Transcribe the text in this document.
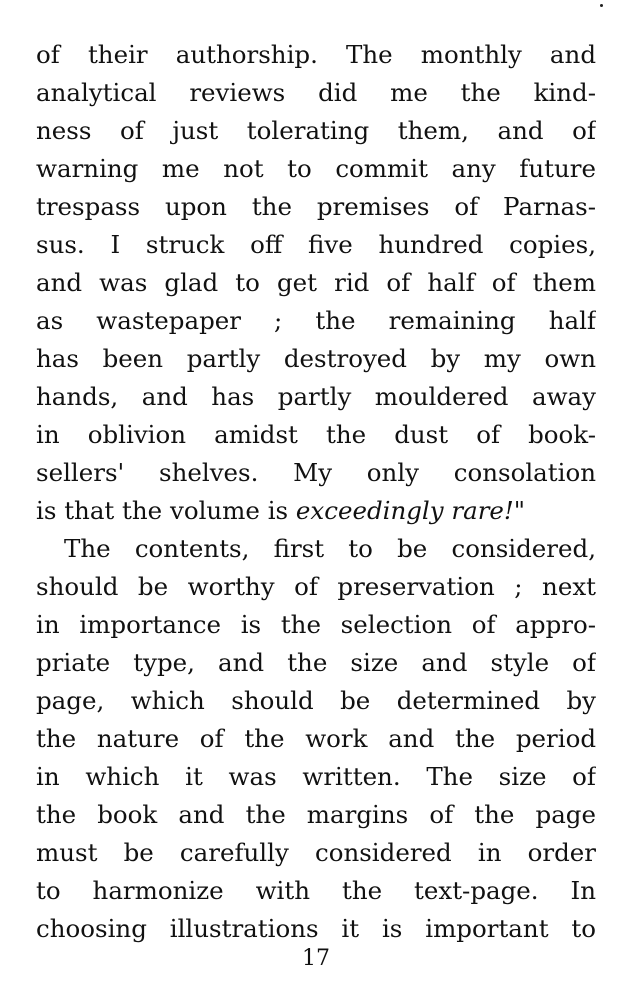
of their authorship. The monthly and
analytical reviews did me the kind-
ness of just tolerating them, and of
warning me not to commit any future
trespass upon the premises of Parnas-
sus. I struck off five hundred copies,
and was glad to get rid of half of them
as wastepaper ; the remaining half
has been partly destroyed by my own
hands, and has partly mouldered away
in oblivion amidst the dust of book-
sellers' shelves. My only consolation
is that the volume is exceedingly rare!"
The contents, first to be considered,
should be worthy of preservation ; next
in importance is the selection of appro-
priate type, and the size and style of
page, which should be determined by
the nature of the work and the period
in which it was written. The size of
the book and the margins of the page
must be carefully considered in order
to harmonize with the text-page. In
choosing illustrations it is important to
17
